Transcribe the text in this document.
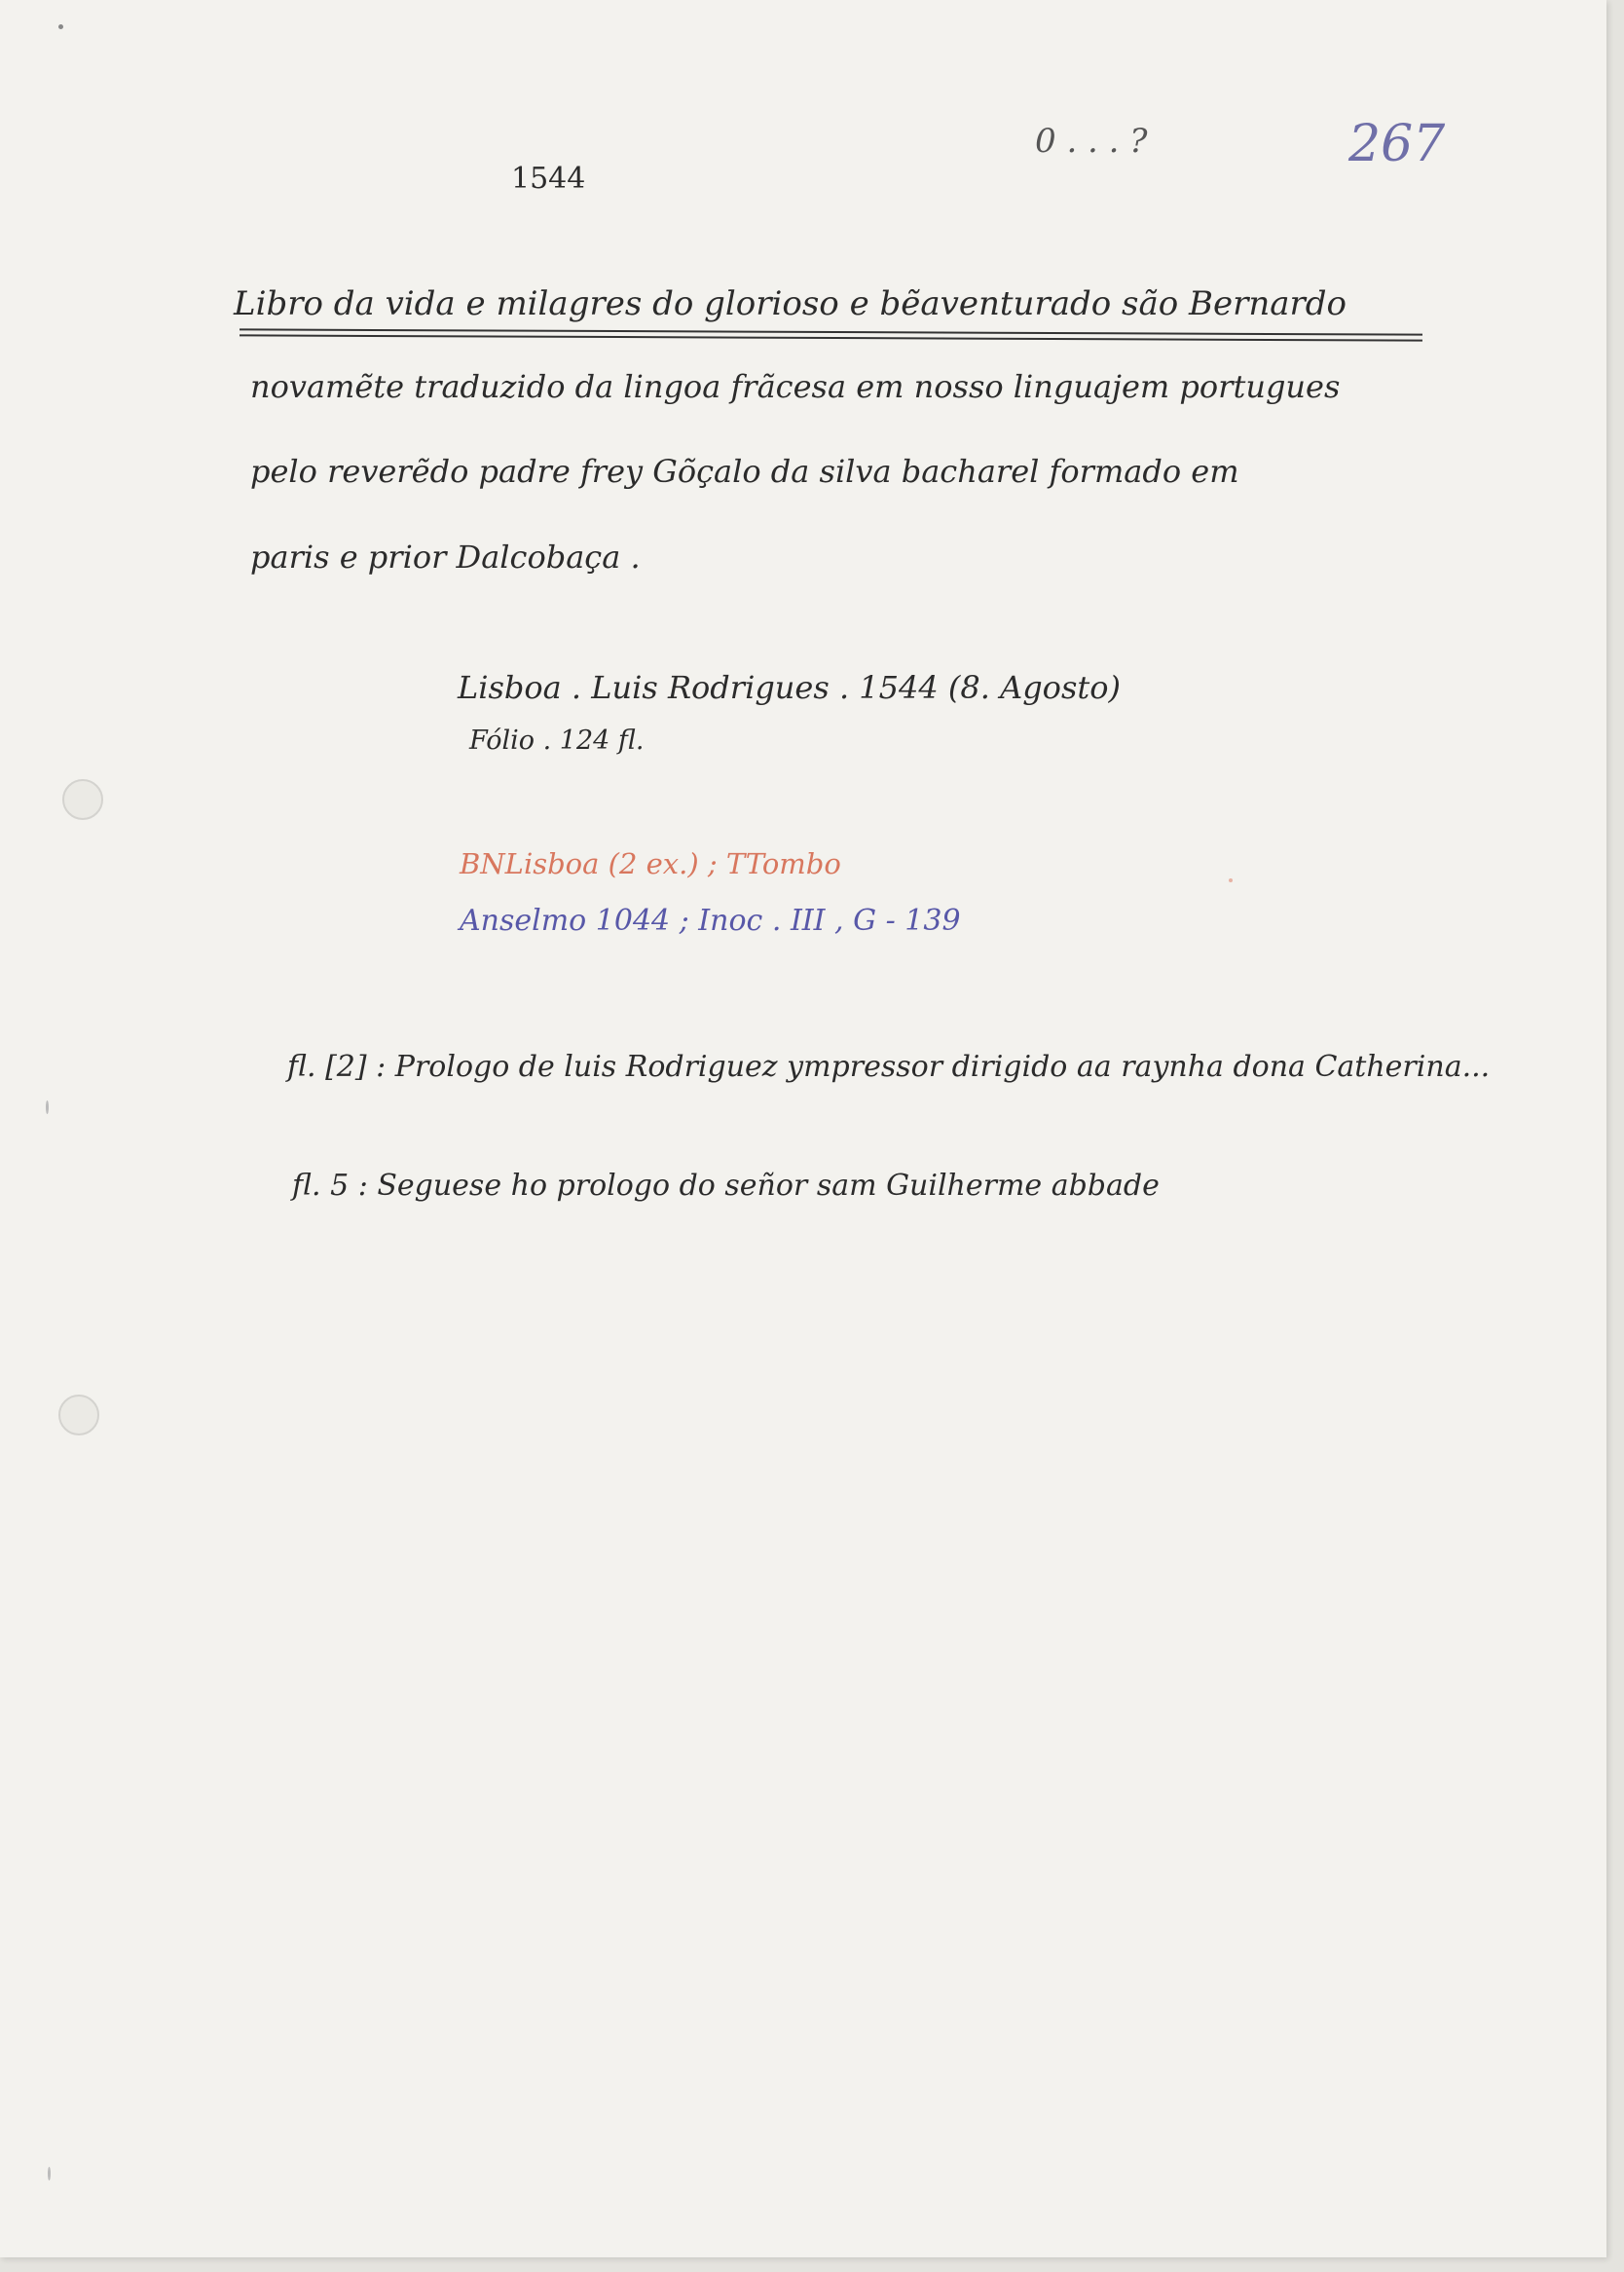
1544
0 . . . ?	267
Libro da vida e milagres do glorioso e bẽaventurado são Bernardo
novamẽte traduzido da lingoa frãcesa em nosso linguajem portugues
pelo reverẽdo padre frey Gõçalo da silva bacharel formado em
paris e prior Dalcobaça .
Lisboa . Luis Rodrigues . 1544 (8. Agosto)
Fólio . 124 fl.
BNLisboa (2 ex.) ; TTombo
Anselmo 1044 ; Inoc . III , G - 139
fl. [2] : Prologo de luis Rodriguez ympressor dirigido aa raynha dona Catherina...
fl. 5 : Seguese ho prologo do señor sam Guilherme abbade
